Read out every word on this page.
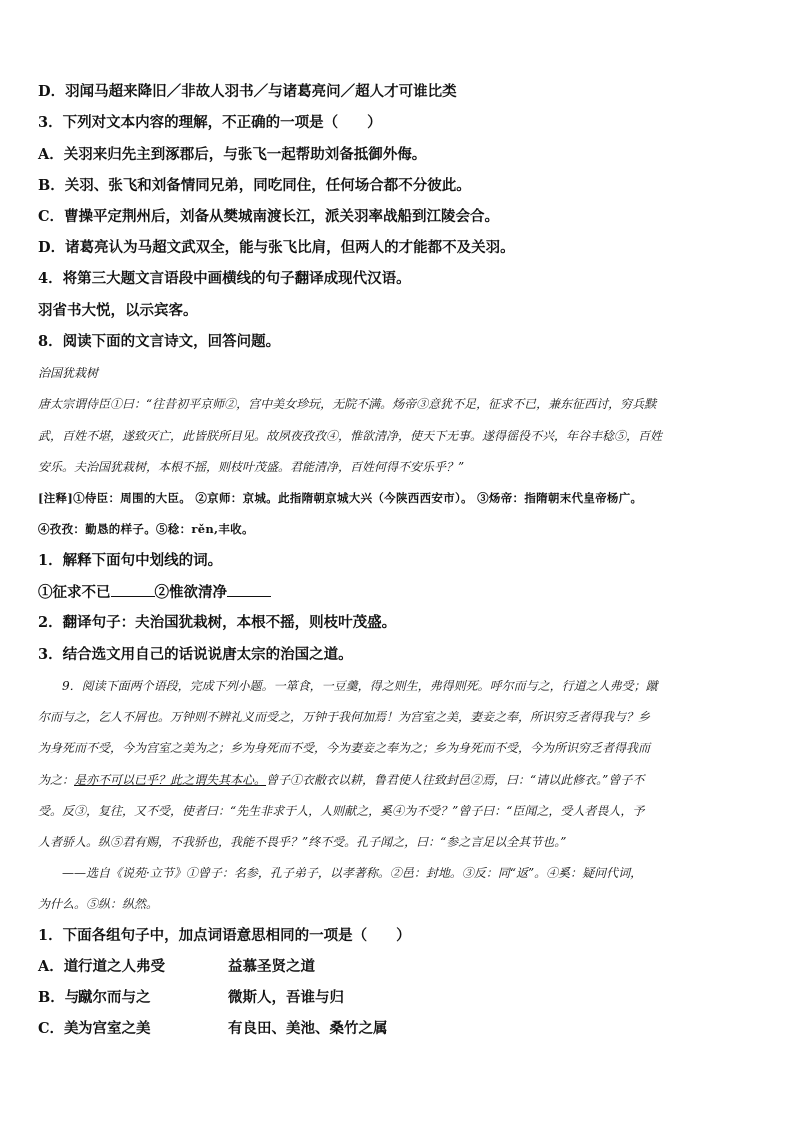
D．羽闻马超来降旧／非故人羽书／与诸葛亮问／超人才可谁比类
3．下列对文本内容的理解，不正确的一项是（　　）
A．关羽来归先主到涿郡后，与张飞一起帮助刘备抵御外侮。
B．关羽、张飞和刘备情同兄弟，同吃同住，任何场合都不分彼此。
C．曹操平定荆州后，刘备从樊城南渡长江，派关羽率战船到江陵会合。
D．诸葛亮认为马超文武双全，能与张飞比肩，但两人的才能都不及关羽。
4．将第三大题文言语段中画横线的句子翻译成现代汉语。
羽省书大悦，以示宾客。
8．阅读下面的文言诗文，回答问题。
治国犹栽树
唐太宗谓侍臣①曰：“往昔初平京师②，宫中美女珍玩，无院不满。炀帝③意犹不足，征求不已，兼东征西讨，穷兵黩
武，百姓不堪，遂致灭亡，此皆朕所目见。故夙夜孜孜④，惟欲清净，使天下无事。遂得徭役不兴，年谷丰稔⑤，百姓
安乐。夫治国犹栽树，本根不摇，则枝叶茂盛。君能清净，百姓何得不安乐乎？”
[注释]①侍臣：周围的大臣。 ②京师：京城。此指隋朝京城大兴（今陕西西安市）。 ③炀帝：指隋朝末代皇帝杨广。
④孜孜：勤恳的样子。⑤稔：rěn,丰收。
1．解释下面句中划线的词。
①征求不已	②惟欲清净
2．翻译句子：夫治国犹栽树，本根不摇，则枝叶茂盛。
3．结合选文用自己的话说说唐太宗的治国之道。
9．阅读下面两个语段，完成下列小题。一箪食，一豆羹，得之则生，弗得则死。呼尔而与之，行道之人弗受；蹴
尔而与之，乞人不屑也。万钟则不辨礼义而受之，万钟于我何加焉！为宫室之美，妻妾之奉，所识穷乏者得我与？乡
为身死而不受，今为宫室之美为之；乡为身死而不受，今为妻妾之奉为之；乡为身死而不受，今为所识穷乏者得我而
为之：是亦不可以已乎？此之谓失其本心。曾子①衣敝衣以耕，鲁君使人往致封邑②焉，曰：“请以此修衣。”曾子不
受。反③，复往，又不受，使者曰：“先生非求于人，人则献之，奚④为不受？”曾子曰：“臣闻之，受人者畏人，予
人者骄人。纵⑤君有赐，不我骄也，我能不畏乎？”终不受。孔子闻之，曰：“参之言足以全其节也。”
——选自《说苑·立节》①曾子：名参，孔子弟子，以孝著称。②邑：封地。③反：同“返”。④奚：疑问代词，
为什么。⑤纵：纵然。
1．下面各组句子中，加点词语意思相同的一项是（　　）
A．道行道之人弗受	益慕圣贤之道
B．与蹴尔而与之	微斯人，吾谁与归
C．美为宫室之美	有良田、美池、桑竹之属
